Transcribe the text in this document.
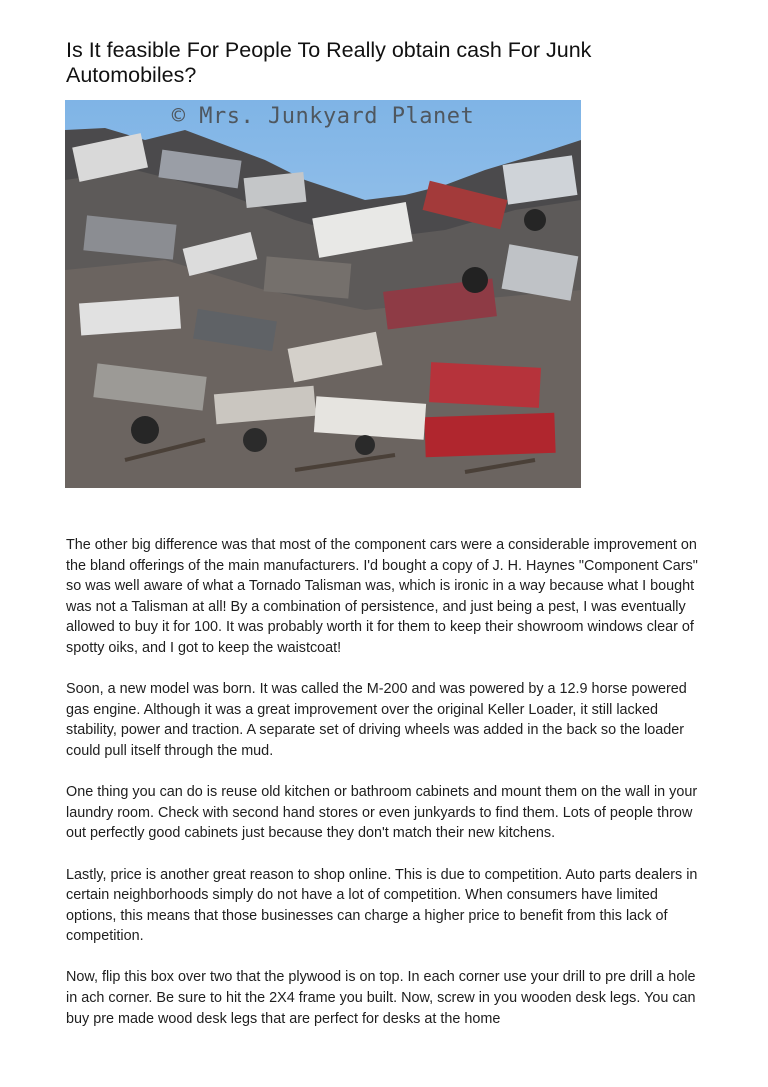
Is It feasible For People To Really obtain cash For Junk Automobiles?
© Mrs. Junkyard Planet

The other big difference was that most of the component cars were a considerable improvement on the bland offerings of the main manufacturers. I'd bought a copy of J. H. Haynes "Component Cars" so was well aware of what a Tornado Talisman was, which is ironic in a way because what I bought was not a Talisman at all! By a combination of persistence, and just being a pest, I was eventually allowed to buy it for 100. It was probably worth it for them to keep their showroom windows clear of spotty oiks, and I got to keep the waistcoat!

Soon, a new model was born. It was called the M-200 and was powered by a 12.9 horse powered gas engine. Although it was a great improvement over the original Keller Loader, it still lacked stability, power and traction. A separate set of driving wheels was added in the back so the loader could pull itself through the mud.

One thing you can do is reuse old kitchen or bathroom cabinets and mount them on the wall in your laundry room. Check with second hand stores or even junkyards to find them. Lots of people throw out perfectly good cabinets just because they don't match their new kitchens.

Lastly, price is another great reason to shop online. This is due to competition. Auto parts dealers in certain neighborhoods simply do not have a lot of competition. When consumers have limited options, this means that those businesses can charge a higher price to benefit from this lack of competition.

Now, flip this box over two that the plywood is on top. In each corner use your drill to pre drill a hole in ach corner. Be sure to hit the 2X4 frame you built. Now, screw in you wooden desk legs. You can buy pre made wood desk legs that are perfect for desks at the home
